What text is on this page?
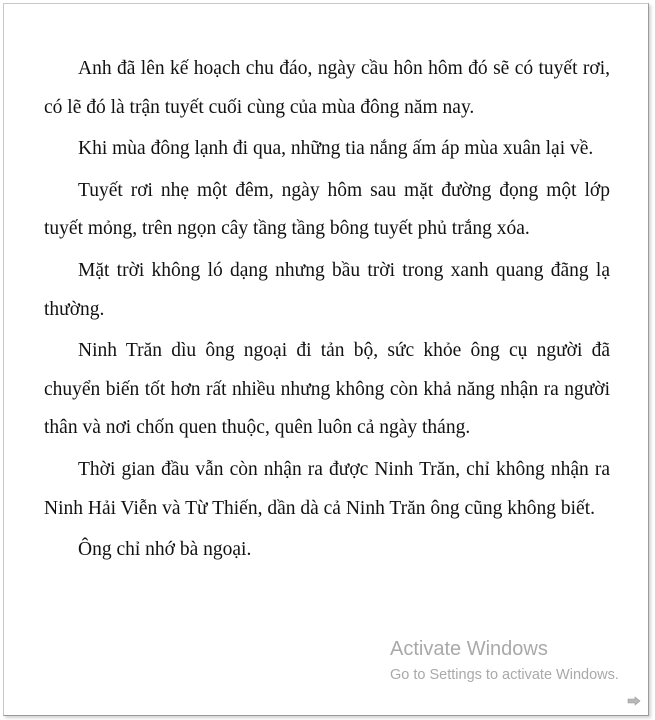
Anh đã lên kế hoạch chu đáo, ngày cầu hôn hôm đó sẽ có tuyết rơi, có lẽ đó là trận tuyết cuối cùng của mùa đông năm nay.

Khi mùa đông lạnh đi qua, những tia nắng ấm áp mùa xuân lại về.

Tuyết rơi nhẹ một đêm, ngày hôm sau mặt đường đọng một lớp tuyết mỏng, trên ngọn cây tầng tầng bông tuyết phủ trắng xóa.

Mặt trời không ló dạng nhưng bầu trời trong xanh quang đãng lạ thường.

Ninh Trăn dìu ông ngoại đi tản bộ, sức khỏe ông cụ người đã chuyển biến tốt hơn rất nhiều nhưng không còn khả năng nhận ra người thân và nơi chốn quen thuộc, quên luôn cả ngày tháng.

Thời gian đầu vẫn còn nhận ra được Ninh Trăn, chỉ không nhận ra Ninh Hải Viễn và Từ Thiến, dần dà cả Ninh Trăn ông cũng không biết.

Ông chỉ nhớ bà ngoại.

Activate Windows
Go to Settings to activate Windows.
